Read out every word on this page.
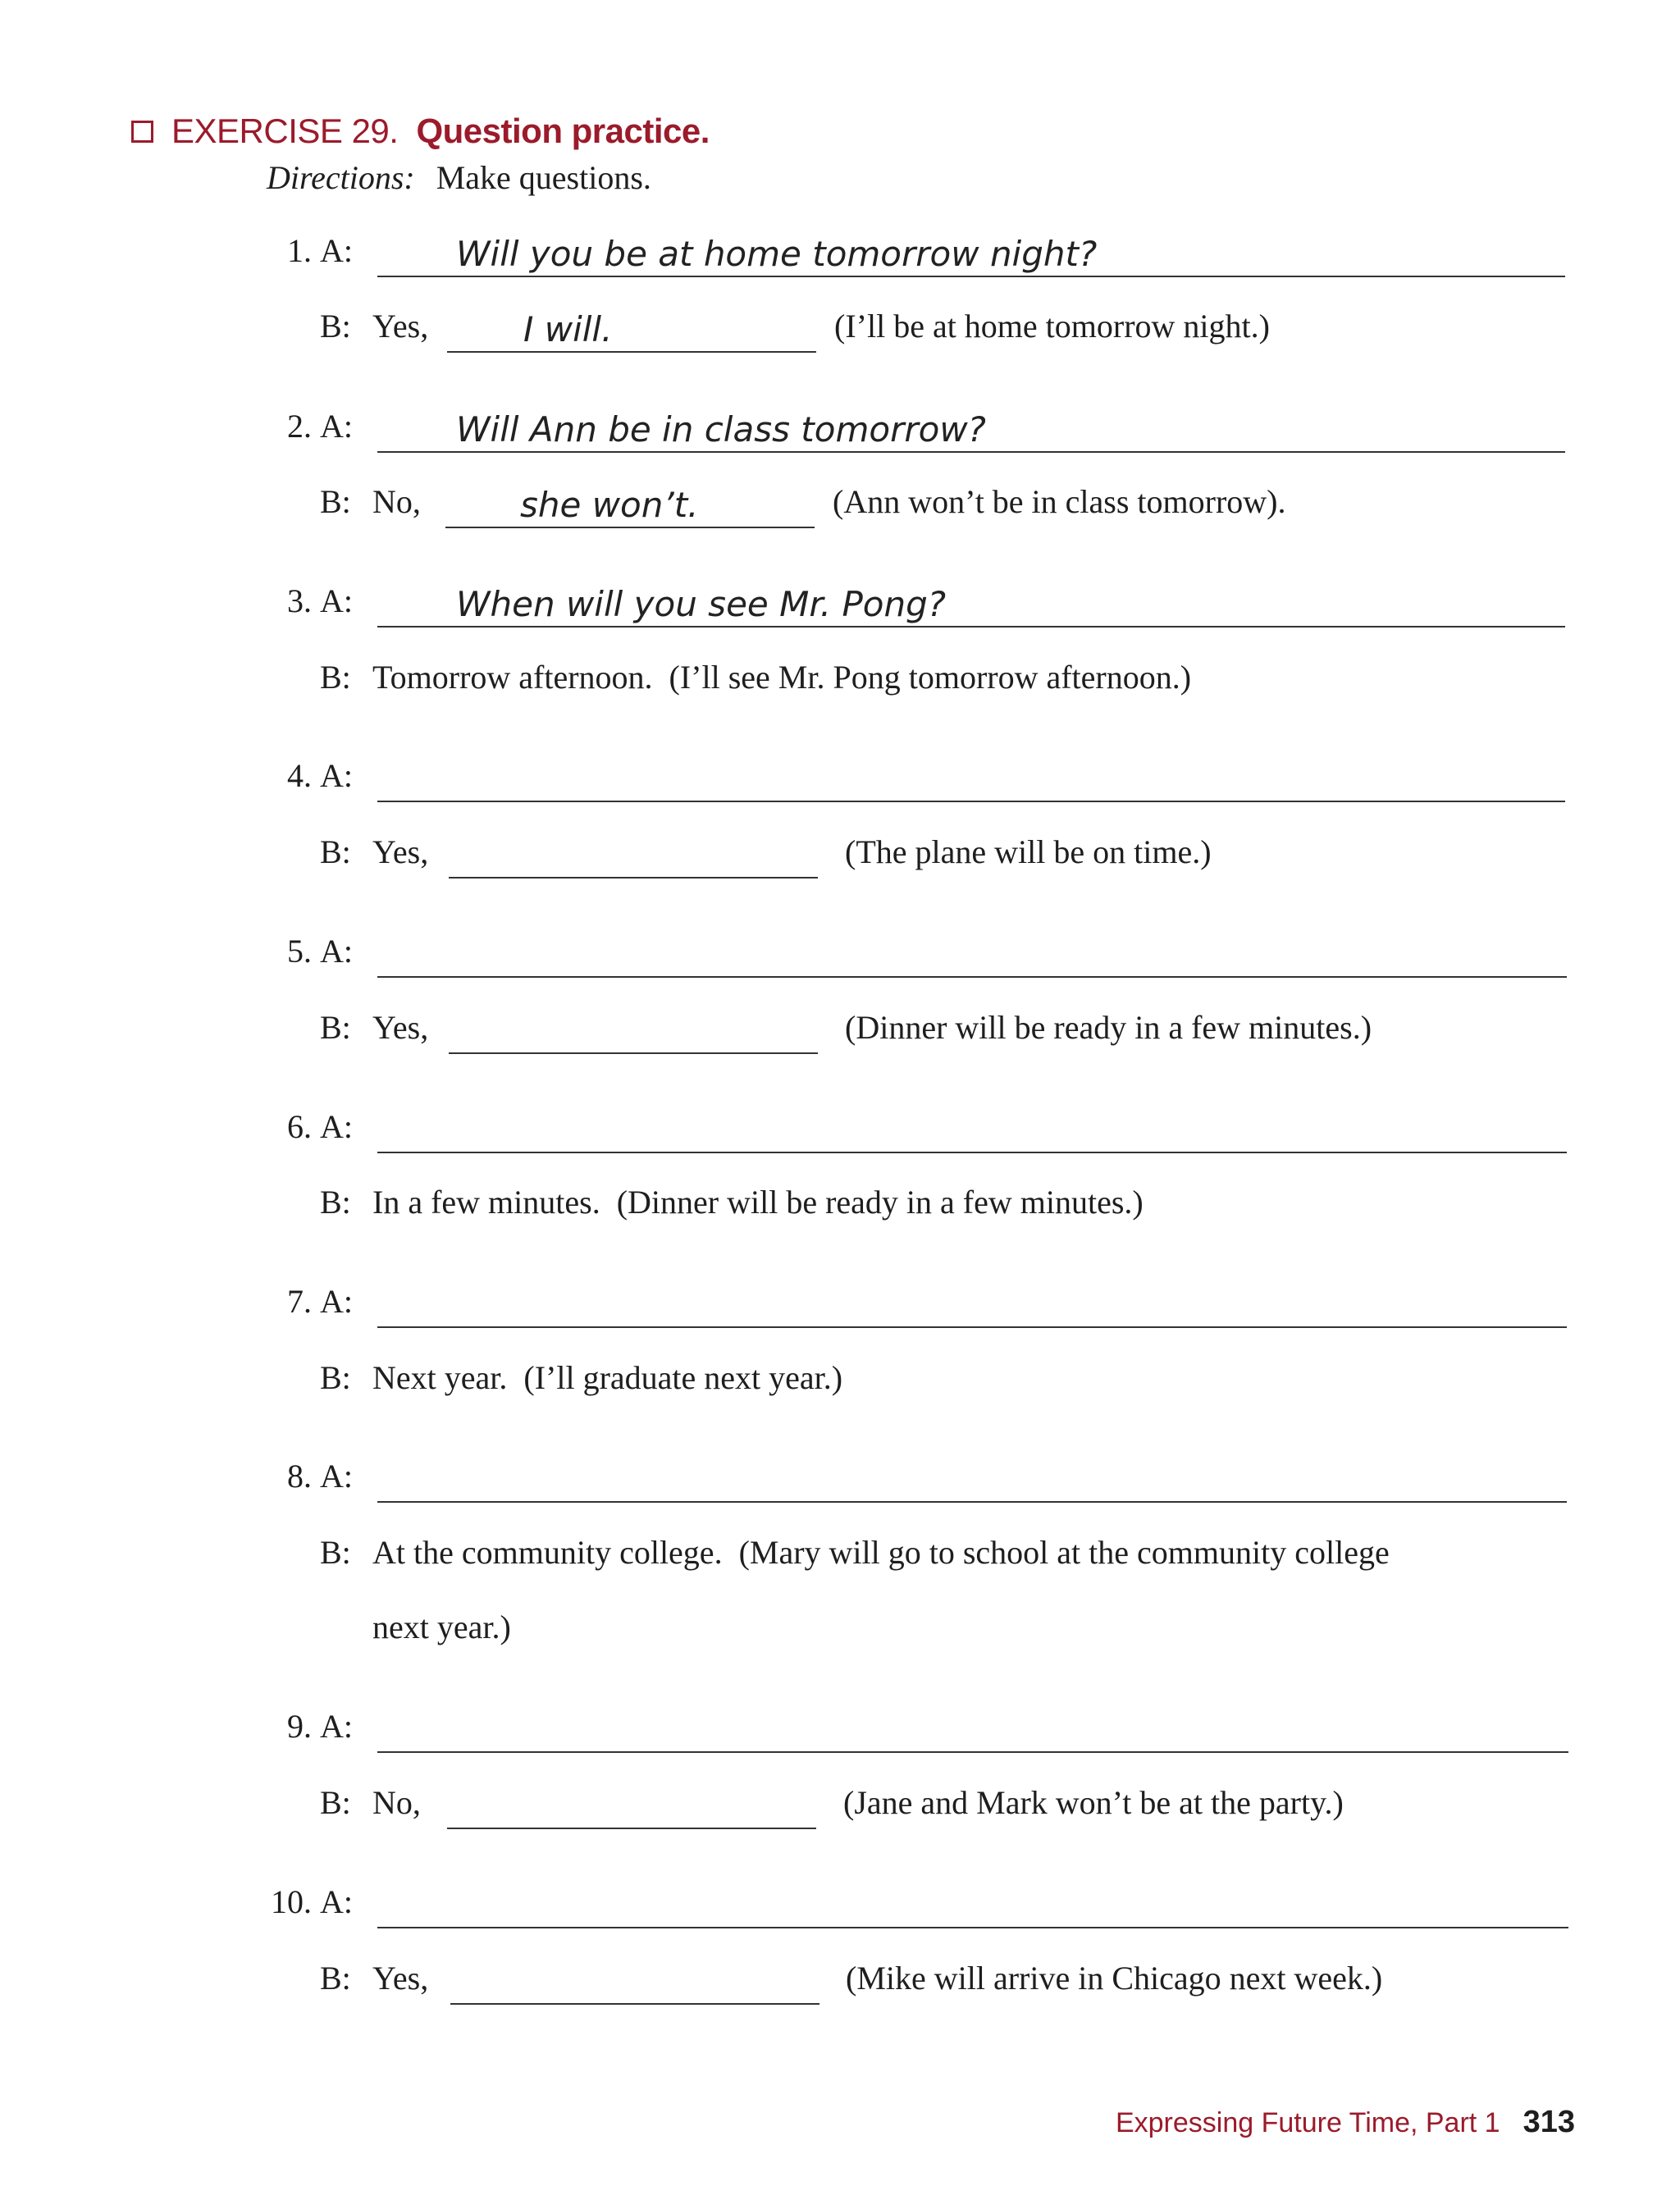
EXERCISE 29. Question practice.
Directions: Make questions.
1. A:	Will you be at home tomorrow night?
B: Yes,	I will.	(I’ll be at home tomorrow night.)
2. A:	Will Ann be in class tomorrow?
B: No,	she won’t.	(Ann won’t be in class tomorrow).
3. A:	When will you see Mr. Pong?
B: Tomorrow afternoon.  (I’ll see Mr. Pong tomorrow afternoon.)
4. A:
B: Yes,	(The plane will be on time.)
5. A:
B: Yes,	(Dinner will be ready in a few minutes.)
6. A:
B: In a few minutes.  (Dinner will be ready in a few minutes.)
7. A:
B: Next year.  (I’ll graduate next year.)
8. A:
B: At the community college.  (Mary will go to school at the community college
next year.)
9. A:
B: No,	(Jane and Mark won’t be at the party.)
10. A:
B: Yes,	(Mike will arrive in Chicago next week.)
Expressing Future Time, Part 1 313
